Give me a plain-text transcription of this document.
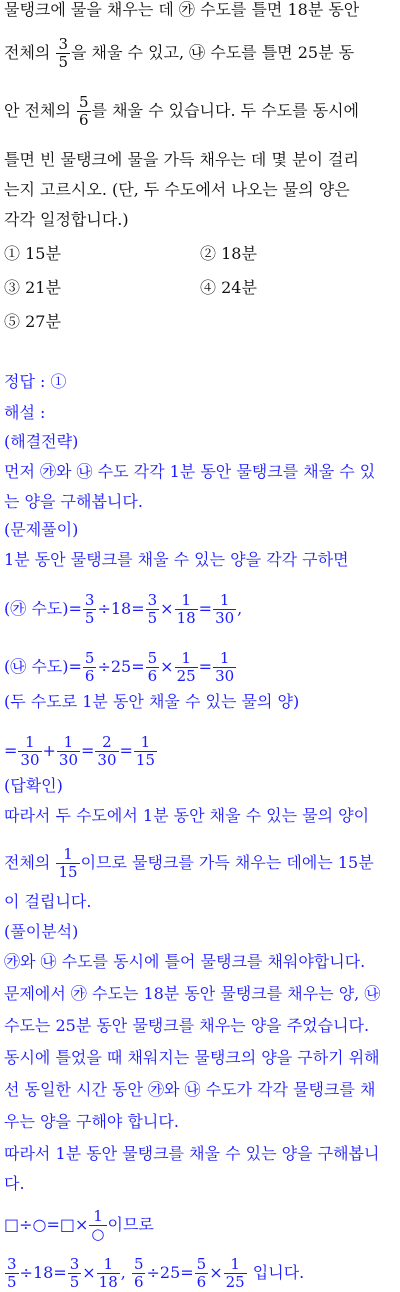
물탱크에 물을 채우는 데 ㉮ 수도를 틀면 18분 동안
전체의 $\frac{3}{5}$ 을 채울 수 있고, ㉯ 수도를 틀면 25분 동
안 전체의 $\frac{5}{6}$ 를 채울 수 있습니다. 두 수도를 동시에
틀면 빈 물탱크에 물을 가득 채우는 데 몇 분이 걸리
는지 고르시오. (단, 두 수도에서 나오는 물의 양은
각각 일정합니다.)
① 15분	② 18분
③ 21분	④ 24분
⑤ 27분
정답 : ①
해설 :
(해결전략)
먼저 ㉮와 ㉯ 수도 각각 1분 동안 물탱크를 채울 수 있
는 양을 구해봅니다.
(문제풀이)
1분 동안 물탱크를 채울 수 있는 양을 각각 구하면
(㉮ 수도)= $\frac{3}{5} \div 18= \frac{3}{5} \times \frac{1}{18} = \frac{1}{30}$ ,
(㉯ 수도)= $\frac{5}{6} \div 25= \frac{5}{6} \times \frac{1}{25} = \frac{1}{30}$
(두 수도로 1분 동안 채울 수 있는 물의 양)
= $\frac{1}{30} + \frac{1}{30} = \frac{2}{30} = \frac{1}{15}$
(답확인)
따라서 두 수도에서 1분 동안 채울 수 있는 물의 양이
전체의 $\frac{1}{15}$ 이므로 물탱크를 가득 채우는 데에는 15분
이 걸립니다.
(풀이분석)
㉮와 ㉯ 수도를 동시에 틀어 물탱크를 채워야합니다.
문제에서 ㉮ 수도는 18분 동안 물탱크를 채우는 양, ㉯
수도는 25분 동안 물탱크를 채우는 양을 주었습니다.
동시에 틀었을 때 채워지는 물탱크의 양을 구하기 위해
선 동일한 시간 동안 ㉮와 ㉯ 수도가 각각 물탱크를 채
우는 양을 구해야 합니다.
따라서 1분 동안 물탱크를 채울 수 있는 양을 구해봅니
다.
□÷○=□× $\frac{1}{○}$ 이므로
$\frac{3}{5} \div 18= \frac{3}{5} \times \frac{1}{18}$ , $\frac{5}{6} \div 25= \frac{5}{6} \times \frac{1}{25}$ 입니다.
